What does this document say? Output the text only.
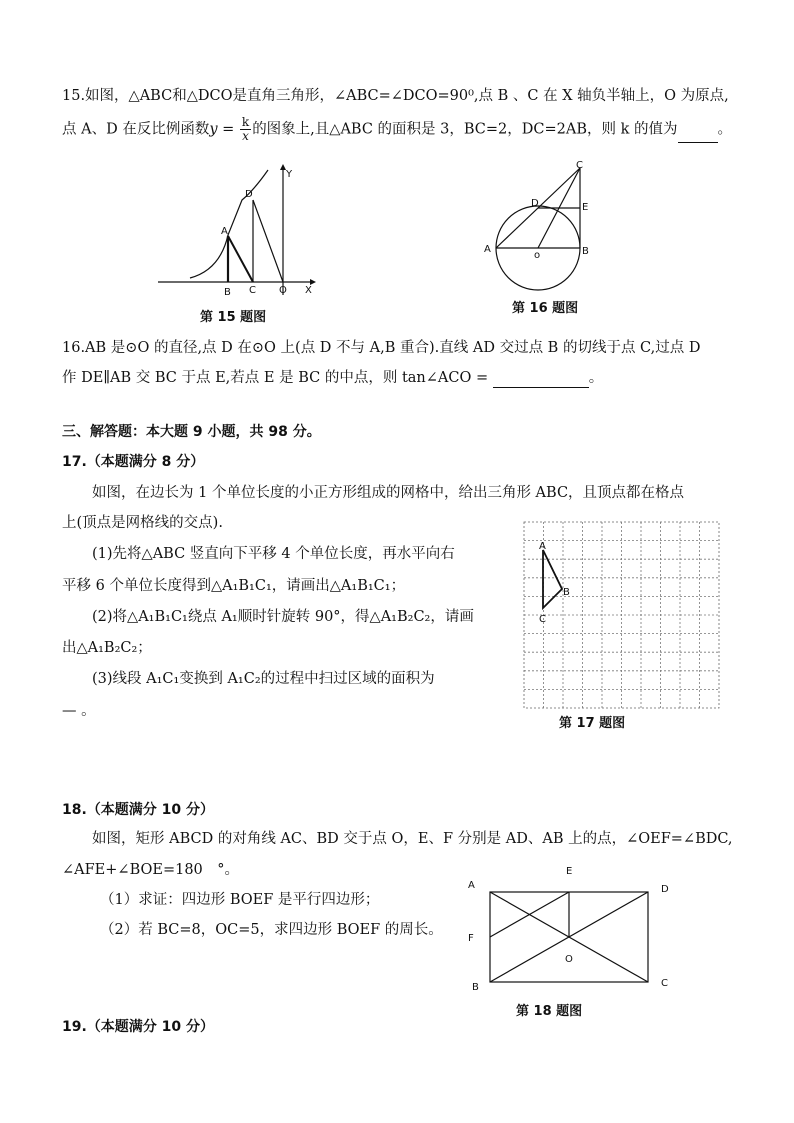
15.如图，△ABC和△DCO是直角三角形，∠ABC=∠DCO=90⁰,点 B 、C 在 X 轴负半轴上，O 为原点,
点 A、D 在反比例函数$y = \frac{k}{x}$ 的图象上,且△ABC 的面积是 3，BC=2，DC=2AB，则 k 的值为	。
D
A
B C O X
Y
第 15 题图
C
D	E
A	B
o
第 16 题图
16.AB 是⊙O 的直径,点 D 在⊙O 上(点 D 不与 A,B 重合).直线 AD 交过点 B 的切线于点 C,过点 D
作 DE∥AB 交 BC 于点 E,若点 E 是 BC 的中点，则 tan∠ACO =	。
三、解答题：本大题 9 小题，共 98 分。
17.（本题满分 8 分）
如图，在边长为 1 个单位长度的小正方形组成的网格中，给出三角形 ABC，且顶点都在格点
上(顶点是网格线的交点).
(1)先将△ABC 竖直向下平移 4 个单位长度，再水平向右
平移 6 个单位长度得到△A₁B₁C₁，请画出△A₁B₁C₁；
(2)将△A₁B₁C₁绕点 A₁顺时针旋转 90°，得△A₁B₂C₂，请画
出△A₁B₂C₂；
(3)线段 A₁C₁变换到 A₁C₂的过程中扫过区域的面积为
— 。
A
B
C
第 17 题图
18.（本题满分 10 分）
如图，矩形 ABCD 的对角线 AC、BD 交于点 O，E、F 分别是 AD、AB 上的点，∠OEF=∠BDC,
∠AFE+∠BOE=180　°。
（1）求证：四边形 BOEF 是平行四边形；
（2）若 BC=8，OC=5，求四边形 BOEF 的周长。
A
E
D
F
O
B	C
第 18 题图
19.（本题满分 10 分）
